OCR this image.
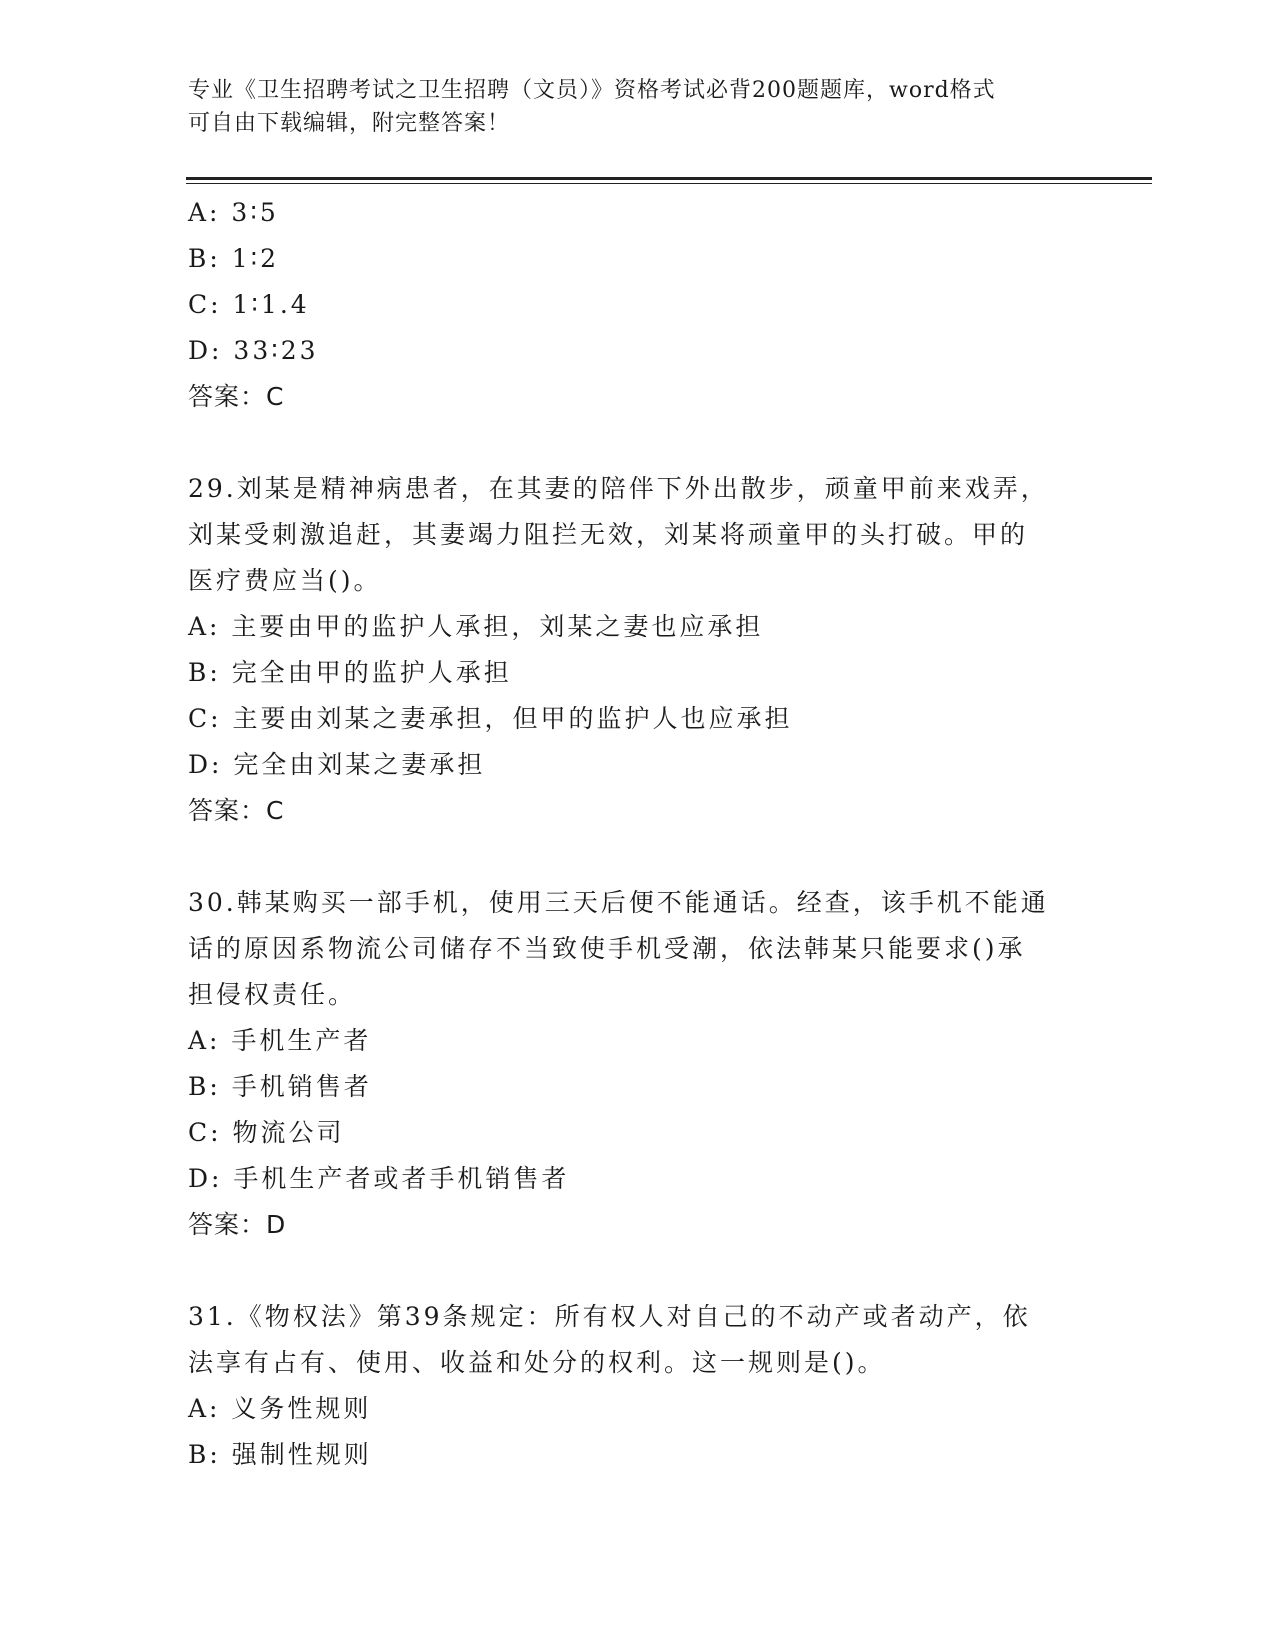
专业《卫生招聘考试之卫生招聘（文员）》资格考试必背200题题库，word格式
可自由下载编辑，附完整答案！
A: 3∶5
B: 1∶2
C: 1∶1.4
D: 33∶23
答案：C
29.刘某是精神病患者，在其妻的陪伴下外出散步，顽童甲前来戏弄，
刘某受刺激追赶，其妻竭力阻拦无效，刘某将顽童甲的头打破。甲的
医疗费应当()。
A: 主要由甲的监护人承担，刘某之妻也应承担
B: 完全由甲的监护人承担
C: 主要由刘某之妻承担，但甲的监护人也应承担
D: 完全由刘某之妻承担
答案：C
30.韩某购买一部手机，使用三天后便不能通话。经查，该手机不能通
话的原因系物流公司储存不当致使手机受潮，依法韩某只能要求()承
担侵权责任。
A: 手机生产者
B: 手机销售者
C: 物流公司
D: 手机生产者或者手机销售者
答案：D
31.《物权法》第39条规定：所有权人对自己的不动产或者动产，依
法享有占有、使用、收益和处分的权利。这一规则是()。
A: 义务性规则
B: 强制性规则
